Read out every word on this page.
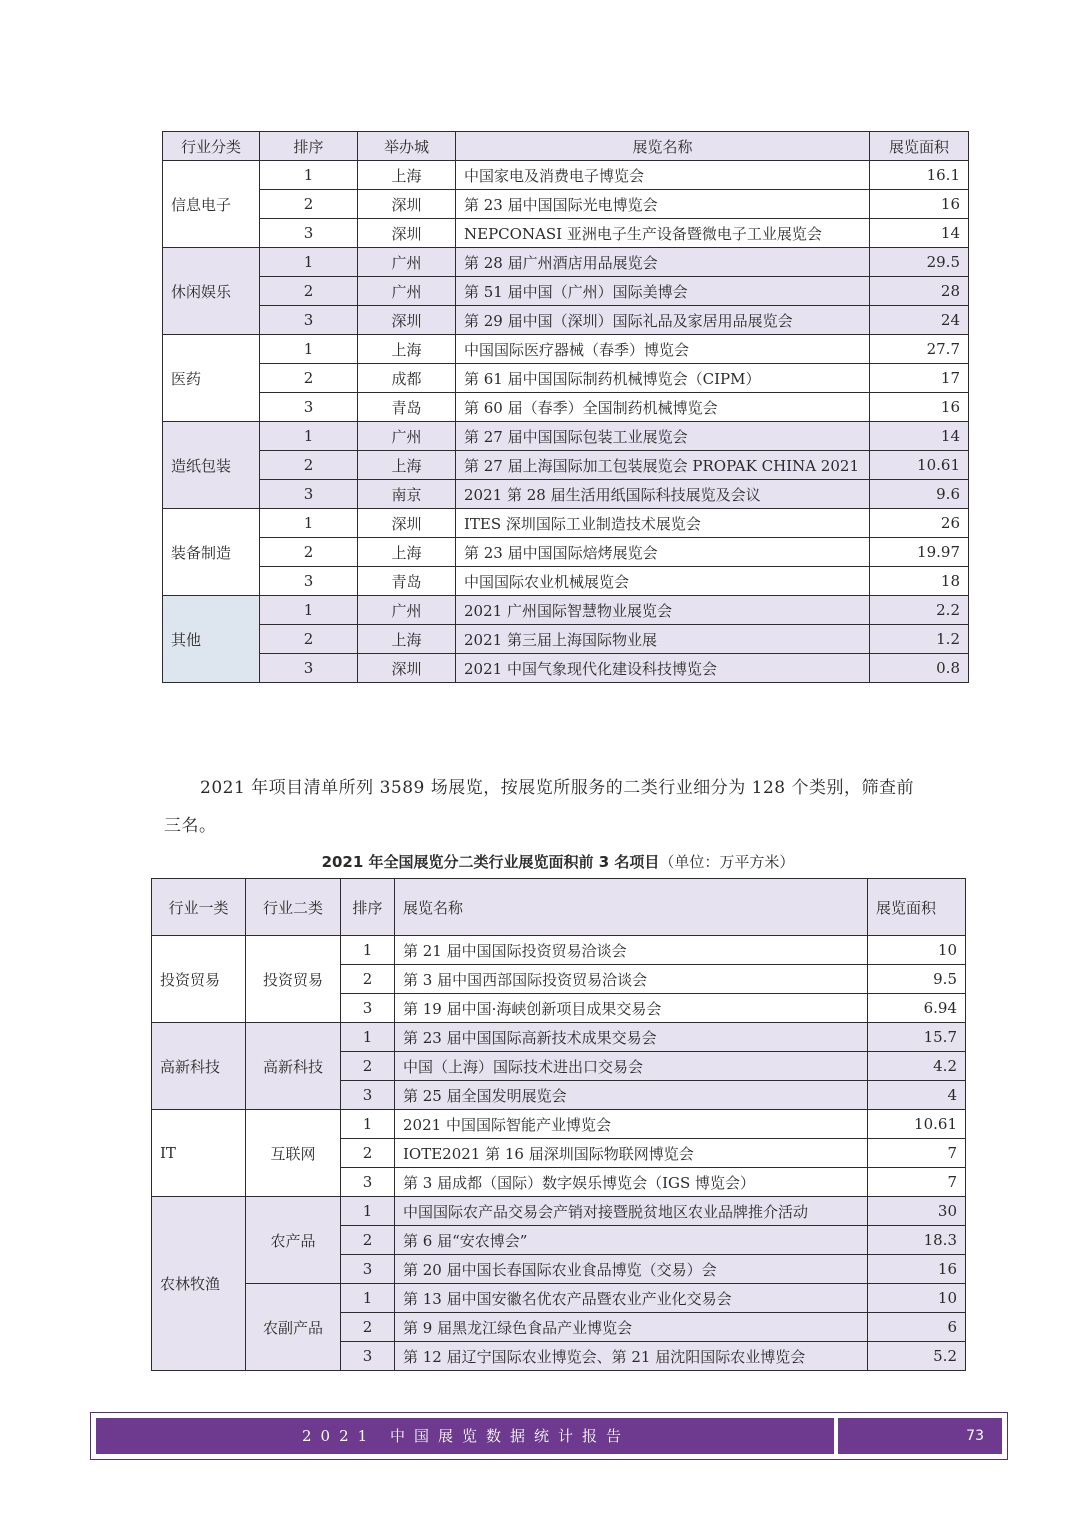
行业分类	排序	举办城	展览名称	展览面积
信息电子	1	上海	中国家电及消费电子博览会	16.1
	2	深圳	第 23 届中国国际光电博览会	16
	3	深圳	NEPCONASI 亚洲电子生产设备暨微电子工业展览会	14
休闲娱乐	1	广州	第 28 届广州酒店用品展览会	29.5
	2	广州	第 51 届中国（广州）国际美博会	28
	3	深圳	第 29 届中国（深圳）国际礼品及家居用品展览会	24
医药	1	上海	中国国际医疗器械（春季）博览会	27.7
	2	成都	第 61 届中国国际制药机械博览会（CIPM）	17
	3	青岛	第 60 届（春季）全国制药机械博览会	16
造纸包装	1	广州	第 27 届中国国际包装工业展览会	14
	2	上海	第 27 届上海国际加工包装展览会 PROPAK CHINA 2021	10.61
	3	南京	2021 第 28 届生活用纸国际科技展览及会议	9.6
装备制造	1	深圳	ITES 深圳国际工业制造技术展览会	26
	2	上海	第 23 届中国国际焙烤展览会	19.97
	3	青岛	中国国际农业机械展览会	18
其他	1	广州	2021 广州国际智慧物业展览会	2.2
	2	上海	2021 第三届上海国际物业展	1.2
	3	深圳	2021 中国气象现代化建设科技博览会	0.8

2021 年项目清单所列 3589 场展览，按展览所服务的二类行业细分为 128 个类别，筛查前三名。

2021 年全国展览分二类行业展览面积前 3 名项目（单位：万平方米）
行业一类	行业二类	排序	展览名称	展览面积
投资贸易	投资贸易	1	第 21 届中国国际投资贸易洽谈会	10
		2	第 3 届中国西部国际投资贸易洽谈会	9.5
		3	第 19 届中国·海峡创新项目成果交易会	6.94
高新科技	高新科技	1	第 23 届中国国际高新技术成果交易会	15.7
		2	中国（上海）国际技术进出口交易会	4.2
		3	第 25 届全国发明展览会	4
IT	互联网	1	2021 中国国际智能产业博览会	10.61
		2	IOTE2021 第 16 届深圳国际物联网博览会	7
		3	第 3 届成都（国际）数字娱乐博览会（IGS 博览会）	7
农林牧渔	农产品	1	中国国际农产品交易会产销对接暨脱贫地区农业品牌推介活动	30
		2	第 6 届“安农博会”	18.3
		3	第 20 届中国长春国际农业食品博览（交易）会	16
	农副产品	1	第 13 届中国安徽名优农产品暨农业产业化交易会	10
		2	第 9 届黑龙江绿色食品产业博览会	6
		3	第 12 届辽宁国际农业博览会、第 21 届沈阳国际农业博览会	5.2
2021 中国展览数据统计报告	73
